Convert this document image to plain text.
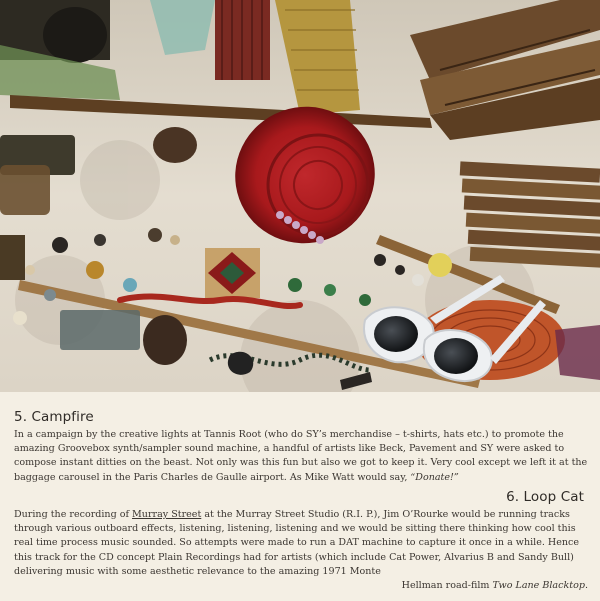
5. Campfire

In a campaign by the creative lights at Tannis Root (who do SY’s merchandise – t-shirts, hats etc.) to promote the amazing Groovebox synth/sampler sound machine, a handful of artists like Beck, Pavement and SY were asked to compose instant ditties on the beast. Not only was this fun but also we got to keep it. Very cool except we left it at the baggage carousel in the Paris Charles de Gaulle airport. As Mike Watt would say, “Donate!”

6. Loop Cat

During the recording of Murray Street at the Murray Street Studio (R.I. P.), Jim O’Rourke would be running tracks through various outboard effects, listening, listening, listening and we would be sitting there thinking how cool this real time process music sounded. So attempts were made to run a DAT machine to capture it once in a while. Hence this track for the CD concept Plain Recordings had for artists (which include Cat Power, Alvarius B and Sandy Bull) delivering music with some aesthetic relevance to the amazing 1971 Monte
Hellman road-film Two Lane Blacktop.
